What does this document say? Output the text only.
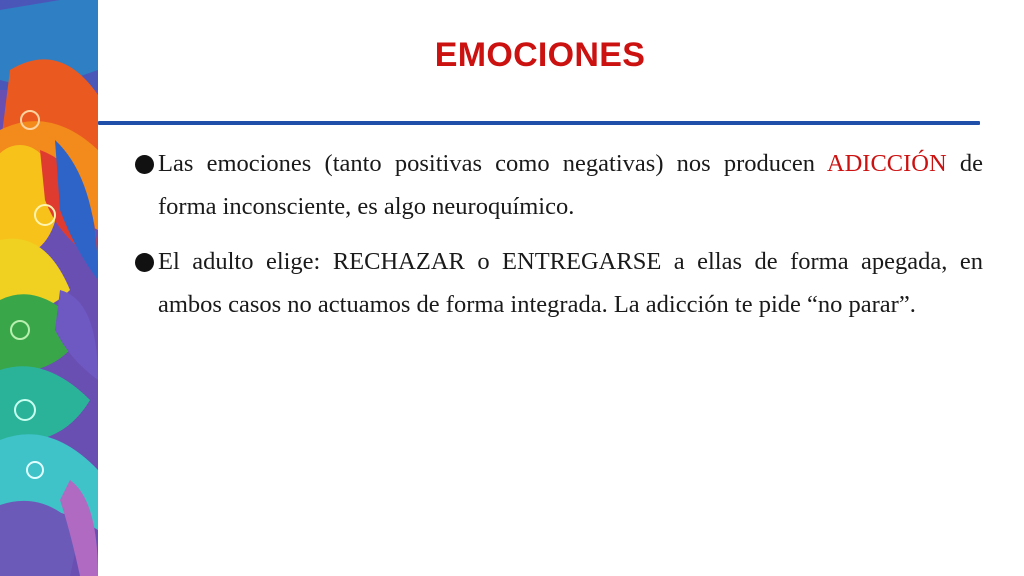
EMOCIONES

Las emociones (tanto positivas como negativas) nos producen ADICCIÓN de forma inconsciente, es algo neuroquímico.

El adulto elige: RECHAZAR o ENTREGARSE a ellas de forma apegada, en ambos casos no actuamos de forma integrada. La adicción te pide “no parar”.
